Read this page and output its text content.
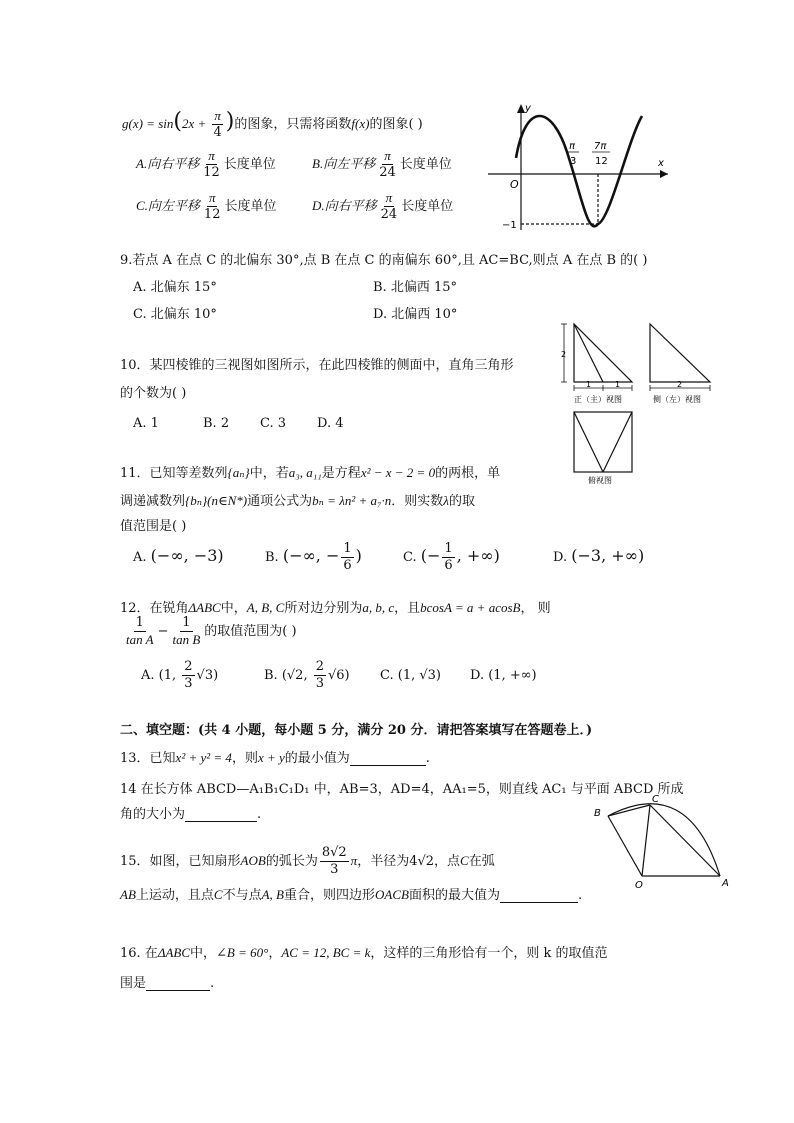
$g(x) = \sin(2x + \frac{\pi}{4}$ )的图象，只需将函数f(x)的图象( )
A.向右平移 $\frac{\pi}{12}$ 长度单位	B.向左平移 $\frac{\pi}{24}$ 长度单位
C.向左平移 $\frac{\pi}{12}$ 长度单位	D.向右平移 $\frac{\pi}{24}$ 长度单位
y
x
O
π
3
7π
12
−1
9.若点 A 在点 C 的北偏东 30°,点 B 在点 C 的南偏东 60°,且 AC=BC,则点 A 在点 B 的( )
A. 北偏东 15°	B. 北偏西 15°
C. 北偏东 10°	D. 北偏西 10°
10．某四棱锥的三视图如图所示，在此四棱锥的侧面中，直角三角形
的个数为( )
A. 1	B. 2 C. 3 D. 4
2
1	1
正（主）视图
2
侧（左）视图
俯视图
11．已知等差数列{aₙ}中，若a₃, a₁₁是方程x² − x − 2 = 0的两根，单
调递减数列{bₙ}(n∈N*)通项公式为bₙ = λn² + a₇·n．则实数λ的取
值范围是( )
A. (−∞, −3)	B. (−∞, − $\frac{1}{6}$ )	C. (− $\frac{1}{6}$ , +∞)	D. (−3, +∞)
12．在锐角ΔABC中，A, B, C所对边分别为a, b, c，且bcosA = a + acosB， 则
$\frac{1}{\text{tan A}} - \frac{1}{\text{tan B}}$ 的取值范围为( )
A. (1, $\frac{2}{3} √3$)	B. (√2, $\frac{2}{3} √6$) C. (1, √3) D. (1, +∞)
二、填空题：(共 4 小题，每小题 5 分，满分 20 分．请把答案填写在答题卷上．)
13．已知x² + y² = 4，则x + y的最小值为	.
14 在长方体 ABCD—A₁B₁C₁D₁ 中，AB=3，AD=4，AA₁=5，则直线 AC₁ 与平面 ABCD 所成
角的大小为	.	B
C
O	A
15．如图，已知扇形AOB的弧长为 $\frac{8√2}{3}$ π，半径为4√2，点C在弧
AB上运动，且点C不与点A, B重合，则四边形OACB面积的最大值为	.
16. 在ΔABC中，∠B = 60°，AC = 12, BC = k，这样的三角形恰有一个，则 k 的取值范
围是	.
